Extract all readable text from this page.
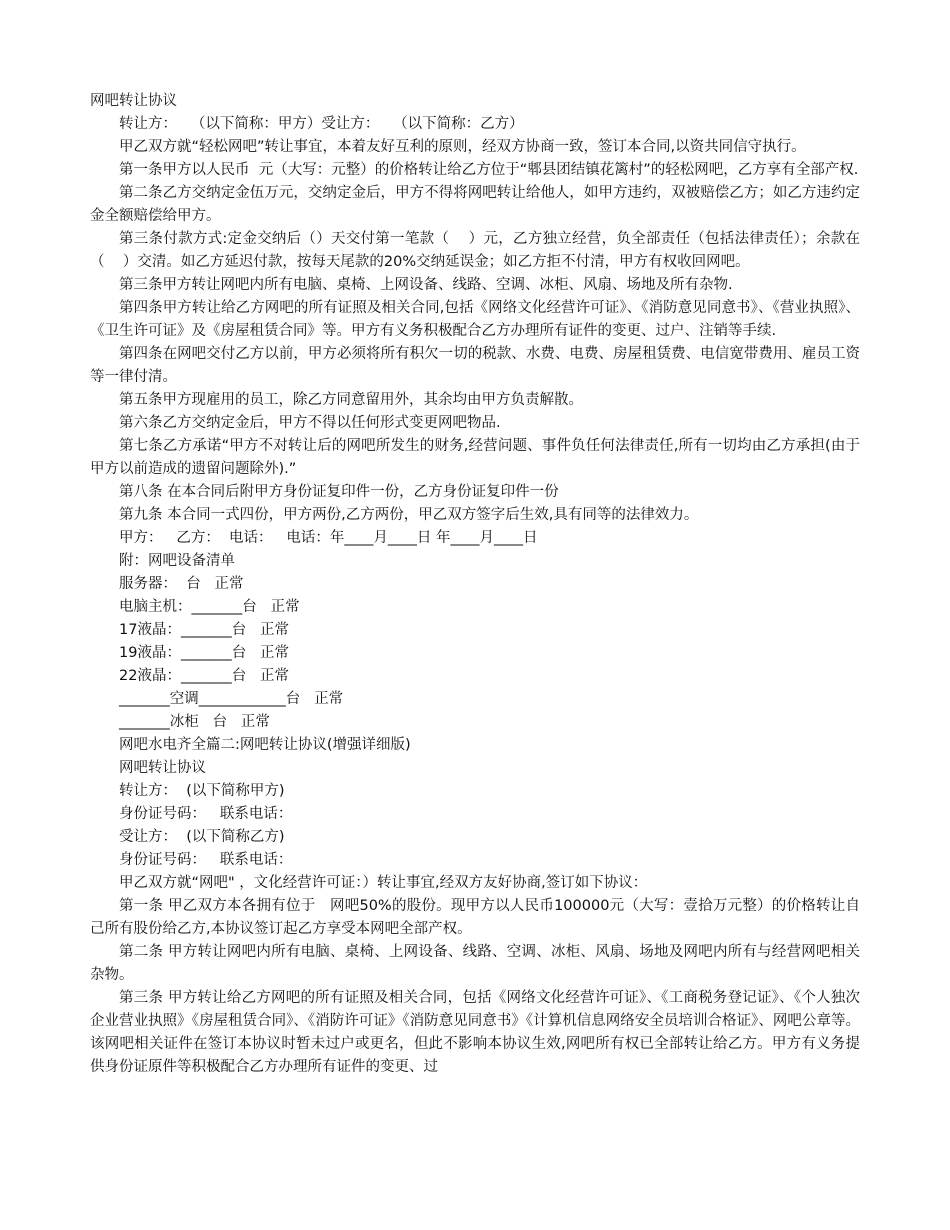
网吧转让协议
转让方：   （以下简称：甲方）受让方：   （以下简称：乙方）
甲乙双方就“轻松网吧”转让事宜，本着友好互利的原则，经双方协商一致，签订本合同,以资共同信守执行。
第一条甲方以人民币  元（大写：元整）的价格转让给乙方位于“郫县团结镇花篱村”的轻松网吧，乙方享有全部产权.
第二条乙方交纳定金伍万元，交纳定金后，甲方不得将网吧转让给他人，如甲方违约，双被赔偿乙方；如乙方违约定金全额赔偿给甲方。
第三条付款方式:定金交纳后（）天交付第一笔款（    ）元，乙方独立经营，负全部责任（包括法律责任）；余款在（    ）交清。如乙方延迟付款，按每天尾款的20%交纳延误金；如乙方拒不付清，甲方有权收回网吧。
第三条甲方转让网吧内所有电脑、桌椅、上网设备、线路、空调、冰柜、风扇、场地及所有杂物.
第四条甲方转让给乙方网吧的所有证照及相关合同,包括《网络文化经营许可证》、《消防意见同意书》、《营业执照》、《卫生许可证》及《房屋租赁合同》等。甲方有义务积极配合乙方办理所有证件的变更、过户、注销等手续.
第四条在网吧交付乙方以前，甲方必须将所有积欠一切的税款、水费、电费、房屋租赁费、电信宽带费用、雇员工资等一律付清。
第五条甲方现雇用的员工，除乙方同意留用外，其余均由甲方负责解散。
第六条乙方交纳定金后，甲方不得以任何形式变更网吧物品.
第七条乙方承诺“甲方不对转让后的网吧所发生的财务,经营问题、事件负任何法律责任,所有一切均由乙方承担(由于甲方以前造成的遗留问题除外).”
第八条 在本合同后附甲方身份证复印件一份，乙方身份证复印件一份
第九条 本合同一式四份，甲方两份,乙方两份，甲乙双方签字后生效,具有同等的法律效力。
甲方：   乙方：  电话：   电话：年____月____日 年____月____日
附：网吧设备清单
服务器：  台   正常
电脑主机：_______台   正常
17液晶：_______台   正常
19液晶：_______台   正常
22液晶：_______台   正常
_______空调____________台   正常
_______冰柜   台   正常
网吧水电齐全篇二:网吧转让协议(增强详细版)
网吧转让协议
转让方：  (以下简称甲方)
身份证号码：   联系电话：
受让方：  (以下简称乙方)
身份证号码：   联系电话：
甲乙双方就“网吧" ，文化经营许可证：）转让事宜,经双方友好协商,签订如下协议：
第一条 甲乙双方本各拥有位于   网吧50%的股份。现甲方以人民币100000元（大写：壹拾万元整）的价格转让自己所有股份给乙方,本协议签订起乙方享受本网吧全部产权。
第二条 甲方转让网吧内所有电脑、桌椅、上网设备、线路、空调、冰柜、风扇、场地及网吧内所有与经营网吧相关杂物。
第三条 甲方转让给乙方网吧的所有证照及相关合同，包括《网络文化经营许可证》、《工商税务登记证》、《个人独次企业营业执照》《房屋租赁合同》、《消防许可证》《消防意见同意书》《计算机信息网络安全员培训合格证》、网吧公章等。该网吧相关证件在签订本协议时暂未过户或更名，但此不影响本协议生效,网吧所有权已全部转让给乙方。甲方有义务提供身份证原件等积极配合乙方办理所有证件的变更、过
